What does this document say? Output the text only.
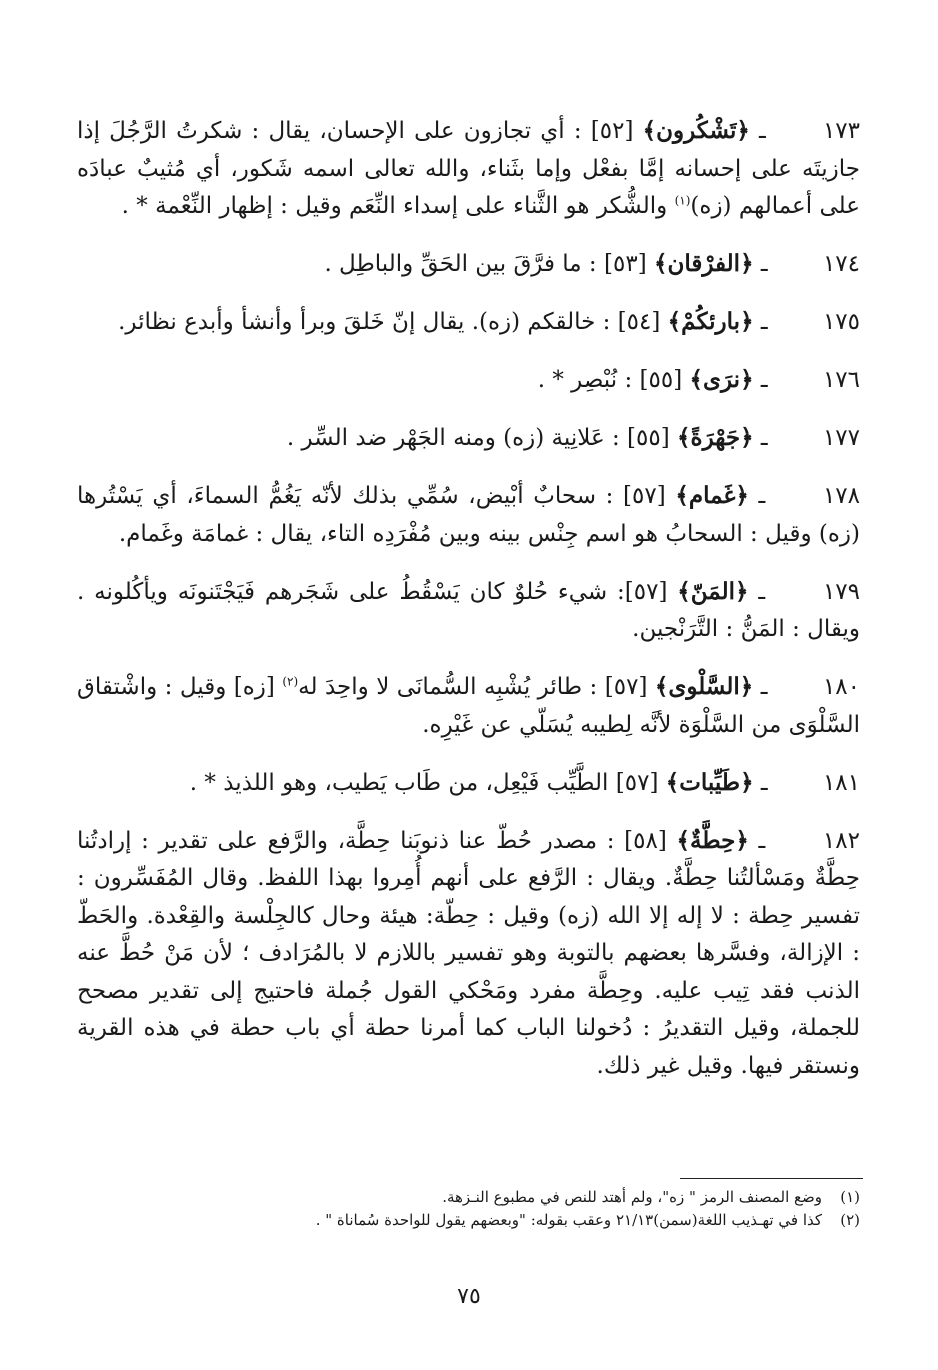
١٧٣ ـ ﴿تَشْكُرون﴾ [٥٢] : أي تجازون على الإحسان، يقال : شكرتُ الرَّجُلَ إذا جازيتَه على إحسانه إمَّا بفعْل وإما بثَناء، والله تعالى اسمه شَكور، أي مُثيبٌ عبادَه على أعمالهم (زه)$^{(١)}$ والشُّكر هو الثَّناء على إسداء النِّعَم وقيل : إظهار النِّعْمة * .
١٧٤ ـ ﴿الفرْقان﴾ [٥٣] : ما فرَّقَ بين الحَقِّ والباطِل .
١٧٥ ـ ﴿بارئكُمْ﴾ [٥٤] : خالقكم (زه). يقال إنّ خَلقَ وبرأ وأنشأ وأبدع نظائر.
١٧٦ ـ ﴿نرَى﴾ [٥٥] : نُبْصِر * .
١٧٧ ـ ﴿جَهْرَةً﴾ [٥٥] : عَلانِية (زه) ومنه الجَهْر ضد السِّر .
١٧٨ ـ ﴿غَمام﴾ [٥٧] : سحابٌ أبْيض، سُمِّي بذلك لأنّه يَغُمُّ السماءَ، أي يَسْتُرها (زه) وقيل : السحابُ هو اسم جِنْس بينه وبين مُفْرَدِه التاء، يقال : غمامَة وغَمام.
١٧٩ ـ ﴿المَنّ﴾ [٥٧]: شيء حُلوٌ كان يَسْقُطُ على شَجَرهم فَيَجْتَنونَه ويأكُلونه . ويقال : المَنُّ : التَّرَنْجين.
١٨٠ ـ ﴿السَّلْوى﴾ [٥٧] : طائر يُشْبِه السُّمانَى لا واحِدَ له$^{(٢)}$ [زه] وقيل : واشْتقاق السَّلْوَى من السَّلْوَة لأنَّه لِطيبه يُسَلّي عن غَيْرِه.
١٨١ ـ ﴿طَيِّبات﴾ [٥٧] الطَّيِّب فَيْعِل، من طَاب يَطيب، وهو اللذيذ * .
١٨٢ ـ ﴿حِطَّةٌ﴾ [٥٨] : مصدر حُطّ عنا ذنوبَنا حِطَّة، والرَّفع على تقدير : إرادتُنا حِطَّةٌ ومَسْألتُنا حِطَّةٌ. ويقال : الرَّفع على أنهم أُمِروا بهذا اللفظ. وقال المُفَسِّرون : تفسير حِطة : لا إله إلا الله (زه) وقيل : حِطّة: هيئة وحال كالجِلْسة والقِعْدة. والحَطّ : الإزالة، وفسَّرها بعضهم بالتوبة وهو تفسير باللازم لا بالمُرَادف ؛ لأن مَنْ حُطَّ عنه الذنب فقد تِيب عليه. وحِطَّة مفرد ومَحْكي القول جُملة فاحتيج إلى تقدير مصحح للجملة، وقيل التقديرُ : دُخولنا الباب كما أمرنا حطة أي باب حطة في هذه القرية ونستقر فيها. وقيل غير ذلك.
(١)
وضع المصنف الرمز " زه"، ولم أهتد للنص في مطبوع النـزهة.
(٢)
كذا في تهـذيب اللغة(سمن)٢١/١٣ وعقب بقوله: "وبعضهم يقول للواحدة سُماناة " .
٧٥
